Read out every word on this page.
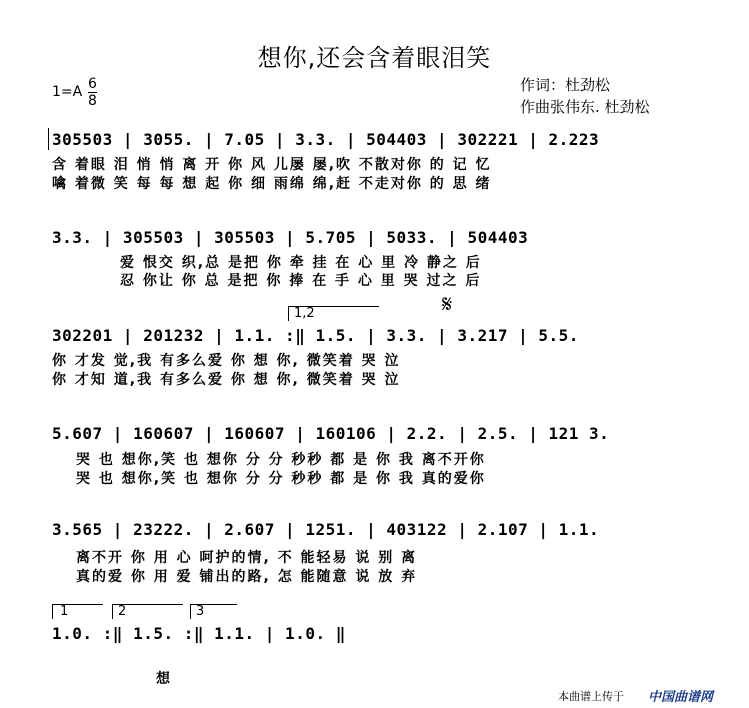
想你,还会含着眼泪笑
$1=A \frac{6}{8}$	作词：杜劲松
作曲张伟东. 杜劲松
305503 | 3055. | 7.05 | 3.3. | 504403 | 302221 | 2.223
含 着眼 泪 悄 悄 离 开 你 风 儿屡 屡,吹 不散对你 的 记 忆
噙 着微 笑 每 每 想 起 你 细 雨绵 绵,赶 不走对你 的 思 绪
3.3. | 305503 | 305503 | 5.705 | 5033. | 504403
爱 恨交 织,总 是把 你 牵 挂 在 心 里 冷 静之 后
忍 你让 你 总 是把 你 捧 在 手 心 里 哭 过之 后
𝄋
1,2
302201 | 201232 | 1.1. :‖ 1.5. | 3.3. | 3.217 | 5.5.
你 才发 觉,我 有多么爱 你 想 你, 微笑着 哭 泣
你 才知 道,我 有多么爱 你 想 你, 微笑着 哭 泣
5.607 | 160607 | 160607 | 160106 | 2.2. | 2.5. | 121 3.
哭 也 想你,笑 也 想你 分 分 秒秒 都 是 你 我 离不开你
哭 也 想你,笑 也 想你 分 分 秒秒 都 是 你 我 真的爱你
3.565 | 23222. | 2.607 | 1251. | 403122 | 2.107 | 1.1.
离不开 你 用 心 呵护的情, 不 能轻易 说 别 离
真的爱 你 用 爱 铺出的路, 怎 能随意 说 放 弃
1	2	3
1.0. :‖ 1.5. :‖ 1.1. | 1.0. ‖
想
本曲谱上传于 中国曲谱网
